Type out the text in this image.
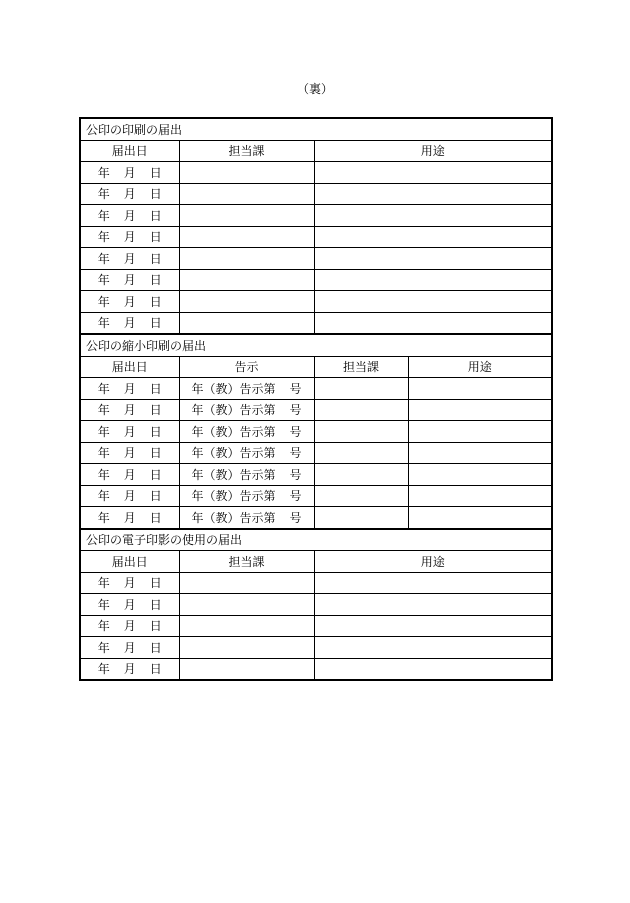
（裏）
公印の印刷の届出			
届出日	担当課	用途	
年 月 日			
年 月 日			
年 月 日			
年 月 日			
年 月 日			
年 月 日			
年 月 日			
年 月 日			
公印の縮小印刷の届出			
届出日	告示	担当課	用途
年 月 日	年（教）告示第 号		
年 月 日	年（教）告示第 号		
年 月 日	年（教）告示第 号		
年 月 日	年（教）告示第 号		
年 月 日	年（教）告示第 号		
年 月 日	年（教）告示第 号		
年 月 日	年（教）告示第 号		
公印の電子印影の使用の届出			
届出日	担当課	用途	
年 月 日			
年 月 日			
年 月 日			
年 月 日			
年 月 日			
